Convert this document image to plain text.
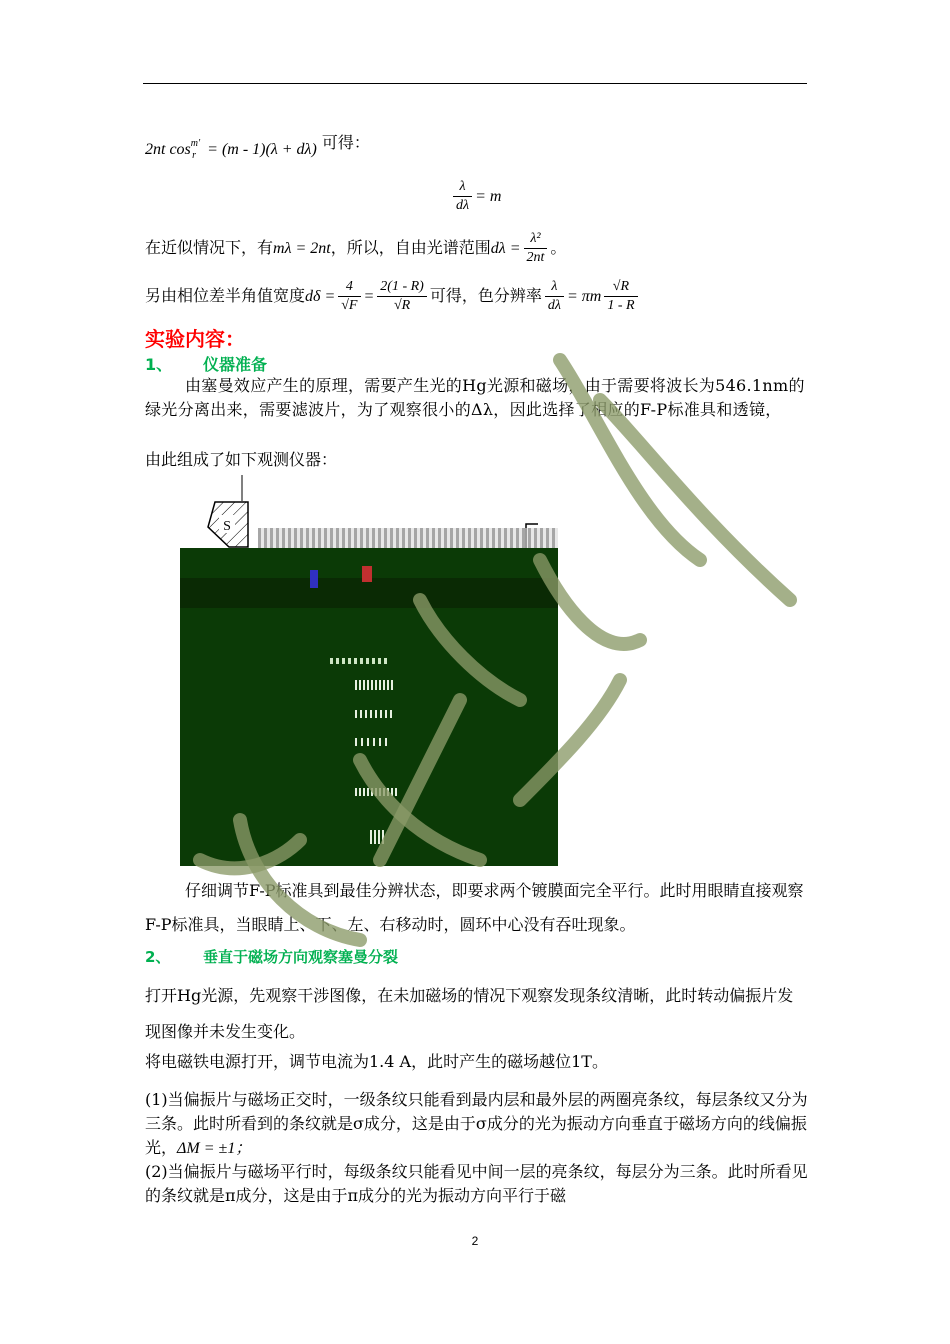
2nt $\cos^{m'}_r = (m - 1)(\lambda + d\lambda)$ 可得：
$\frac{\lambda}{d\lambda} = m$
在近似情况下，有mλ = 2nt，所以，自由光谱范围$d\lambda = \frac{\text{λ²}}{2nt}$ 。
另由相位差半角值宽度$d\delta = \frac{4}{√F} = \frac{2(1 - R)}{√R}$ 可得，色分辨率 $\frac{\lambda}{d\lambda} = \pi m \frac{√R}{1 - R}$
实验内容：
1、 仪器准备
由塞曼效应产生的原理，需要产生光的Hg光源和磁场，由于需要将波长为546.1nm的绿光分离出来，需要滤波片，为了观察很小的Δλ，因此选择了相应的F-P标准具和透镜，
由此组成了如下观测仪器：
S
仔细调节F-P标准具到最佳分辨状态，即要求两个镀膜面完全平行。此时用眼睛直接观察F-P标准具，当眼睛上、下、左、右移动时，圆环中心没有吞吐现象。
2、 垂直于磁场方向观察塞曼分裂
打开Hg光源，先观察干涉图像，在未加磁场的情况下观察发现条纹清晰，此时转动偏振片发现图像并未发生变化。
将电磁铁电源打开，调节电流为1.4 A，此时产生的磁场越位1T。
(1)当偏振片与磁场正交时，一级条纹只能看到最内层和最外层的两圈亮条纹，每层条纹又分为三条。此时所看到的条纹就是σ成分，这是由于σ成分的光为振动方向垂直于磁场方向的线偏振光，ΔM = ±1；
(2)当偏振片与磁场平行时，每级条纹只能看见中间一层的亮条纹，每层分为三条。此时所看见的条纹就是π成分，这是由于π成分的光为振动方向平行于磁
2
